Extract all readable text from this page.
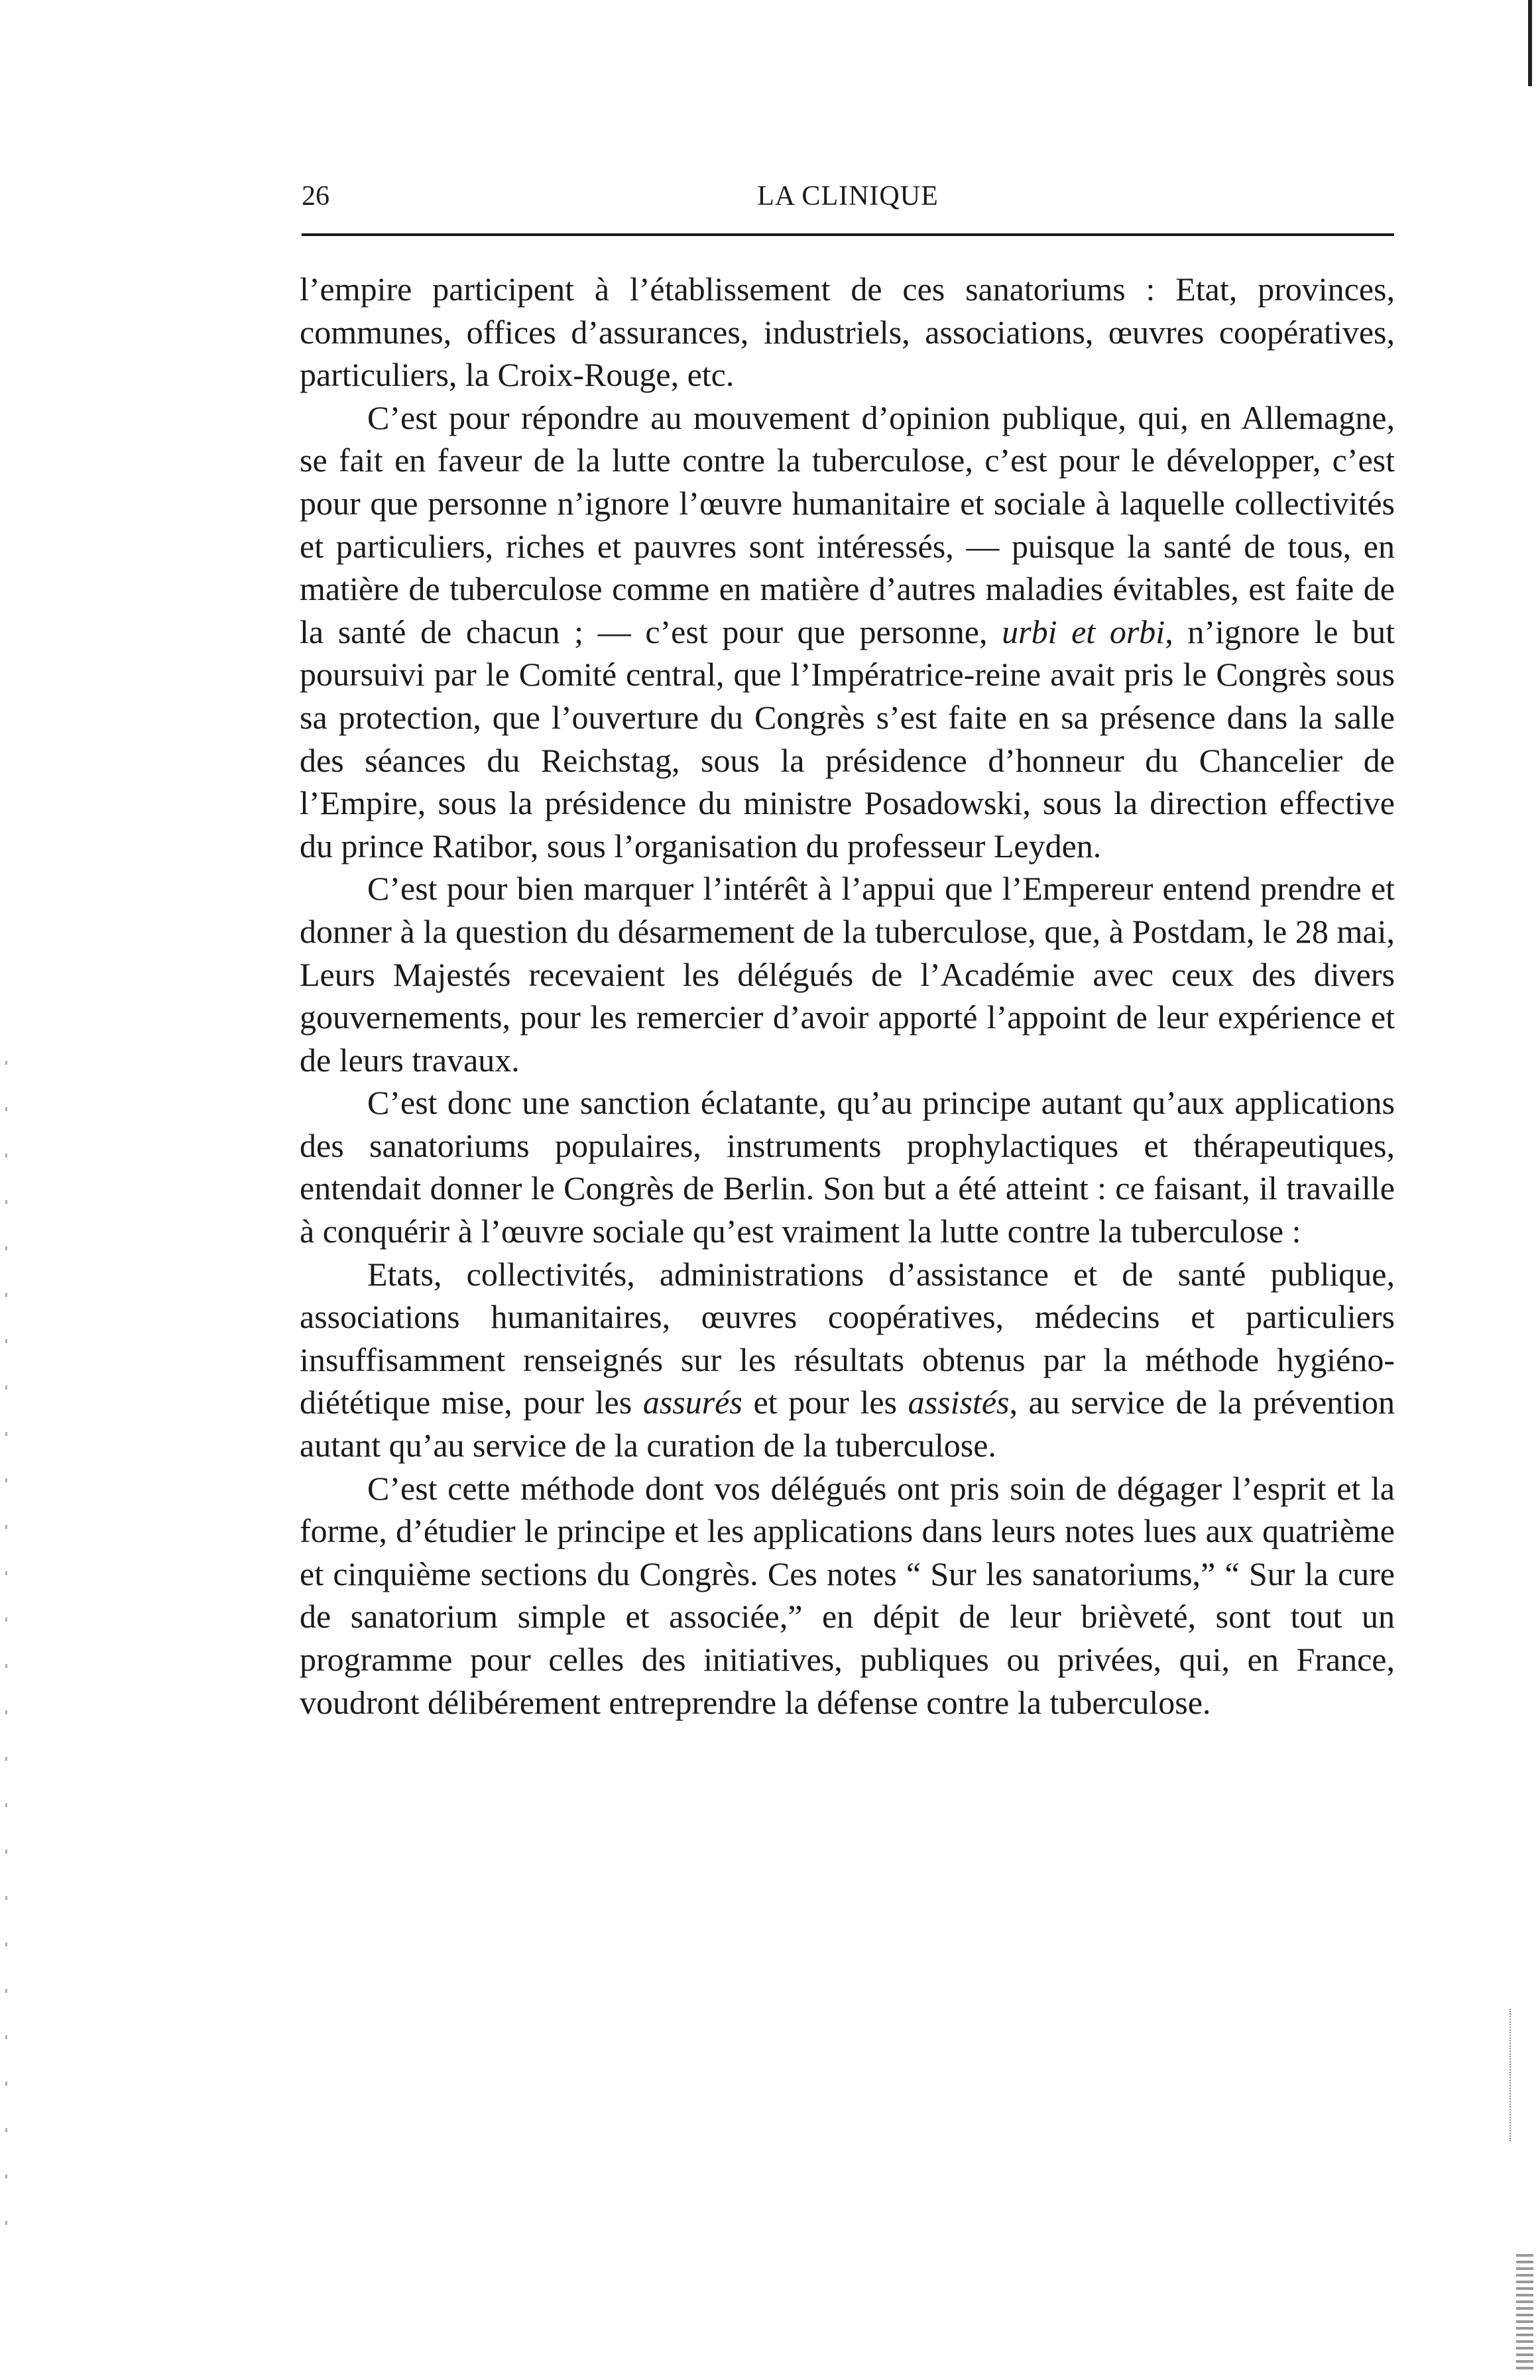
26	LA CLINIQUE

l’empire participent à l’établissement de ces sanatoriums : Etat, provinces, communes, offices d’assurances, industriels, associations, œuvres coopératives, particuliers, la Croix-Rouge, etc.

C’est pour répondre au mouvement d’opinion publique, qui, en Allemagne, se fait en faveur de la lutte contre la tuberculose, c’est pour le développer, c’est pour que personne n’ignore l’œuvre humanitaire et sociale à laquelle collectivités et particuliers, riches et pauvres sont intéressés, — puisque la santé de tous, en matière de tuberculose comme en matière d’autres maladies évitables, est faite de la santé de chacun ; — c’est pour que personne, urbi et orbi, n’ignore le but poursuivi par le Comité central, que l’Impératrice-reine avait pris le Congrès sous sa protection, que l’ouverture du Congrès s’est faite en sa présence dans la salle des séances du Reichstag, sous la présidence d’honneur du Chancelier de l’Empire, sous la présidence du ministre Posadowski, sous la direction effective du prince Ratibor, sous l’organisation du professeur Leyden.

C’est pour bien marquer l’intérêt à l’appui que l’Empereur entend prendre et donner à la question du désarmement de la tuberculose, que, à Postdam, le 28 mai, Leurs Majestés recevaient les délégués de l’Académie avec ceux des divers gouvernements, pour les remercier d’avoir apporté l’appoint de leur expérience et de leurs travaux.

C’est donc une sanction éclatante, qu’au principe autant qu’aux applications des sanatoriums populaires, instruments prophylactiques et thérapeutiques, entendait donner le Congrès de Berlin. Son but a été atteint : ce faisant, il travaille à conquérir à l’œuvre sociale qu’est vraiment la lutte contre la tuberculose :

Etats, collectivités, administrations d’assistance et de santé publique, associations humanitaires, œuvres coopératives, médecins et particuliers insuffisamment renseignés sur les résultats obtenus par la méthode hygiéno-diététique mise, pour les assurés et pour les assistés, au service de la prévention autant qu’au service de la curation de la tuberculose.

C’est cette méthode dont vos délégués ont pris soin de dégager l’esprit et la forme, d’étudier le principe et les applications dans leurs notes lues aux quatrième et cinquième sections du Congrès. Ces notes “ Sur les sanatoriums,” “ Sur la cure de sanatorium simple et associée,” en dépit de leur brièveté, sont tout un programme pour celles des initiatives, publiques ou privées, qui, en France, voudront délibérement entreprendre la défense contre la tuberculose.
